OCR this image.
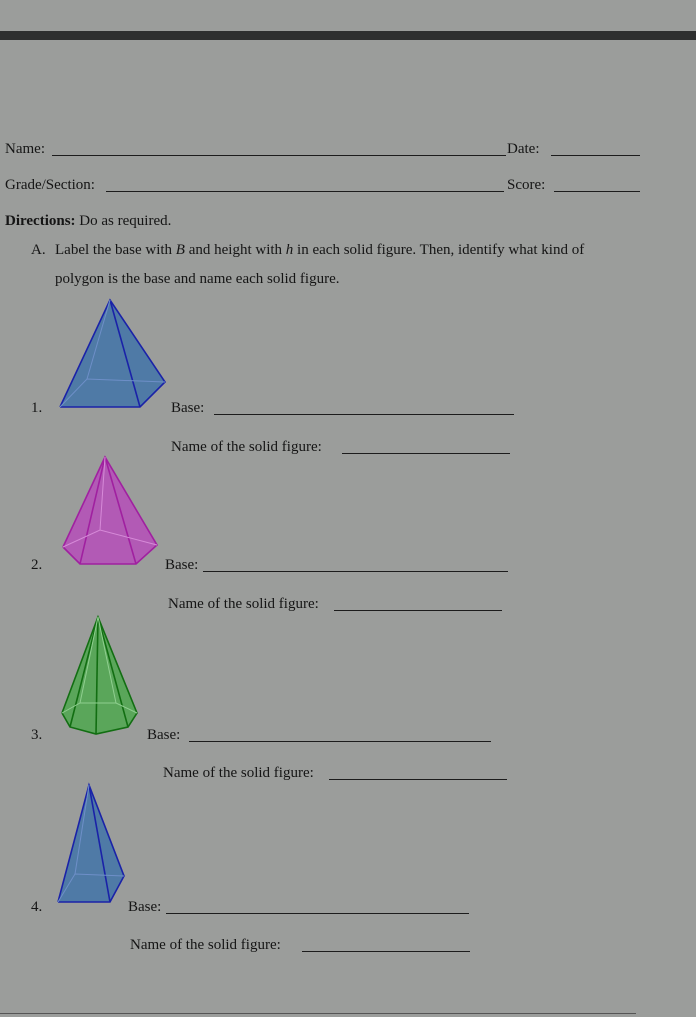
Name:	Date:
Grade/Section:	Score:
Directions: Do as required.
A. Label the base with B and height with h in each solid figure. Then, identify what kind of
polygon is the base and name each solid figure.
1.	Base:
Name of the solid figure:
2.	Base:
Name of the solid figure:
3.	Base:
Name of the solid figure:
4.	Base:
Name of the solid figure:
